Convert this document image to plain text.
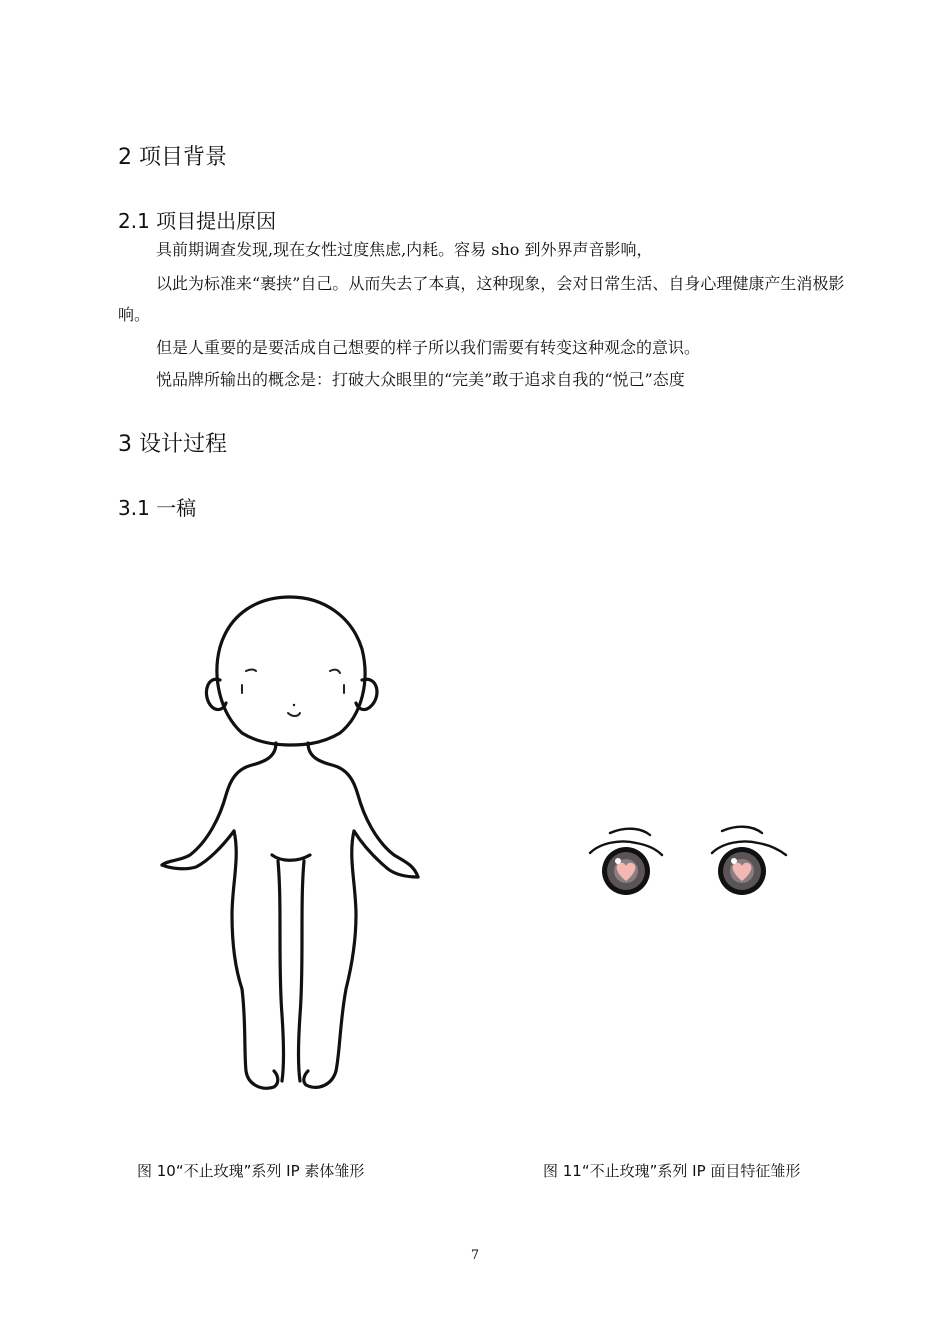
2 项目背景
2.1 项目提出原因

具前期调查发现,现在女性过度焦虑,内耗。容易 sho 到外界声音影响，

以此为标准来“裹挟”自己。从而失去了本真，这种现象，会对日常生活、自身心理健康产生消极影响。

但是人重要的是要活成自己想要的样子所以我们需要有转变这种观念的意识。

悦品牌所输出的概念是：打破大众眼里的“完美”敢于追求自我的“悦己”态度

3 设计过程
3.1 一稿
图 10“不止玫瑰”系列 IP 素体雏形	图 11“不止玫瑰”系列 IP 面目特征雏形
7
